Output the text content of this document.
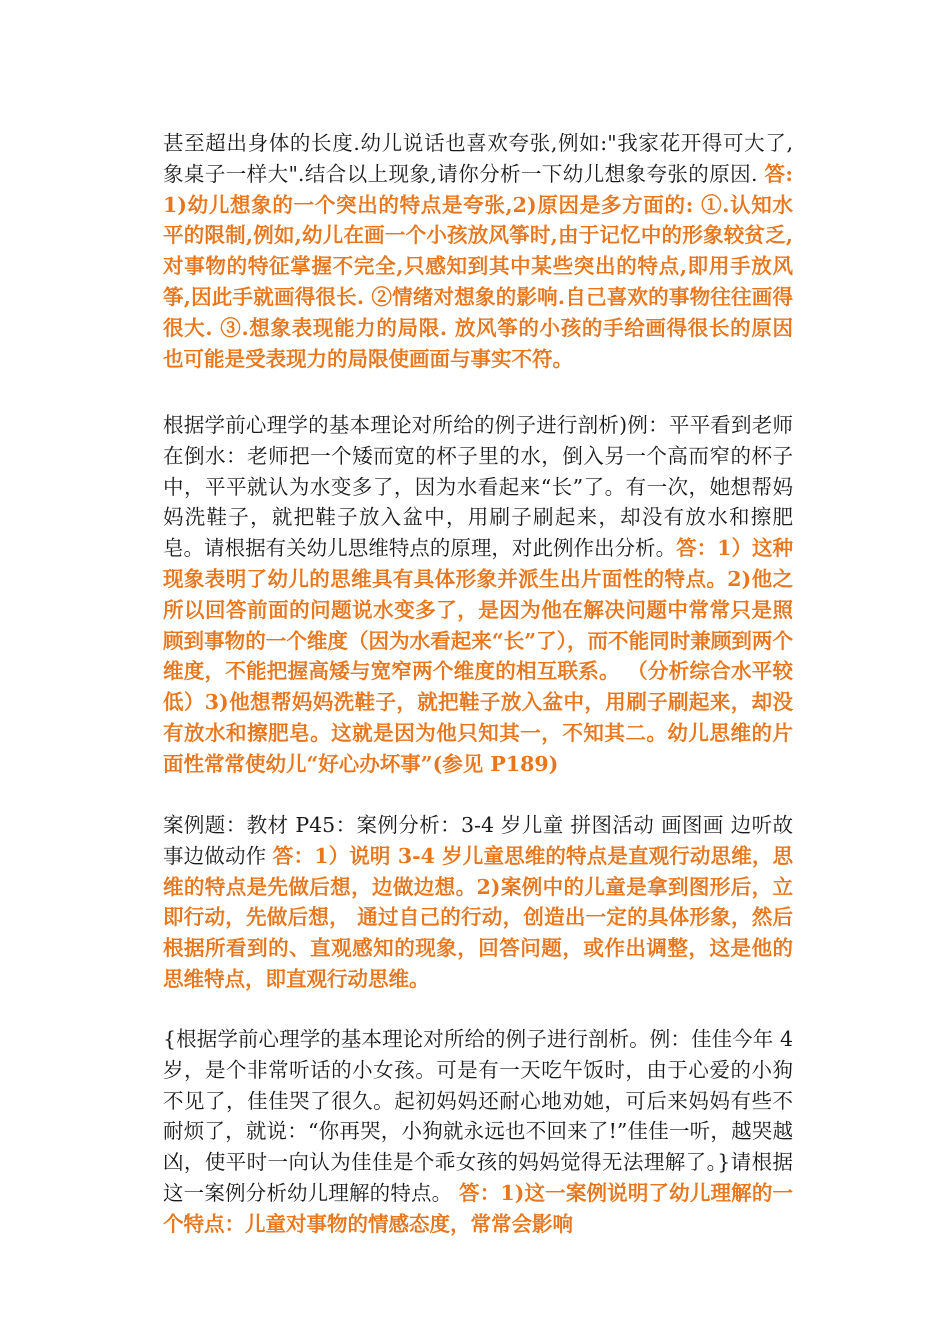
甚至超出身体的长度.幼儿说话也喜欢夸张,例如:"我家花开得可大了,象桌子一样大".结合以上现象,请你分析一下幼儿想象夸张的原因. 答:1)幼儿想象的一个突出的特点是夸张,2)原因是多方面的: ①.认知水平的限制,例如,幼儿在画一个小孩放风筝时,由于记忆中的形象较贫乏,对事物的特征掌握不完全,只感知到其中某些突出的特点,即用手放风筝,因此手就画得很长. ②情绪对想象的影响.自己喜欢的事物往往画得很大. ③.想象表现能力的局限. 放风筝的小孩的手给画得很长的原因也可能是受表现力的局限使画面与事实不符。

根据学前心理学的基本理论对所给的例子进行剖析)例：平平看到老师在倒水：老师把一个矮而宽的杯子里的水，倒入另一个高而窄的杯子中，平平就认为水变多了，因为水看起来“长”了。有一次，她想帮妈妈洗鞋子，就把鞋子放入盆中，用刷子刷起来，却没有放水和擦肥皂。请根据有关幼儿思维特点的原理，对此例作出分析。答：1）这种现象表明了幼儿的思维具有具体形象并派生出片面性的特点。2)他之所以回答前面的问题说水变多了，是因为他在解决问题中常常只是照顾到事物的一个维度（因为水看起来“长”了），而不能同时兼顾到两个维度，不能把握高矮与宽窄两个维度的相互联系。 （分析综合水平较低）3)他想帮妈妈洗鞋子，就把鞋子放入盆中，用刷子刷起来，却没有放水和擦肥皂。这就是因为他只知其一，不知其二。幼儿思维的片面性常常使幼儿“好心办坏事”(参见 P189)

案例题：教材 P45：案例分析：3-4 岁儿童 拼图活动 画图画 边听故事边做动作 答：1）说明 3-4 岁儿童思维的特点是直观行动思维，思维的特点是先做后想，边做边想。2)案例中的儿童是拿到图形后，立即行动，先做后想， 通过自己的行动，创造出一定的具体形象，然后根据所看到的、直观感知的现象，回答问题，或作出调整，这是他的思维特点，即直观行动思维。

{根据学前心理学的基本理论对所给的例子进行剖析。例：佳佳今年 4 岁，是个非常听话的小女孩。可是有一天吃午饭时，由于心爱的小狗不见了，佳佳哭了很久。起初妈妈还耐心地劝她，可后来妈妈有些不耐烦了，就说：“你再哭，小狗就永远也不回来了!”佳佳一听，越哭越凶，使平时一向认为佳佳是个乖女孩的妈妈觉得无法理解了。}请根据这一案例分析幼儿理解的特点。 答：1)这一案例说明了幼儿理解的一个特点：儿童对事物的情感态度，常常会影响
